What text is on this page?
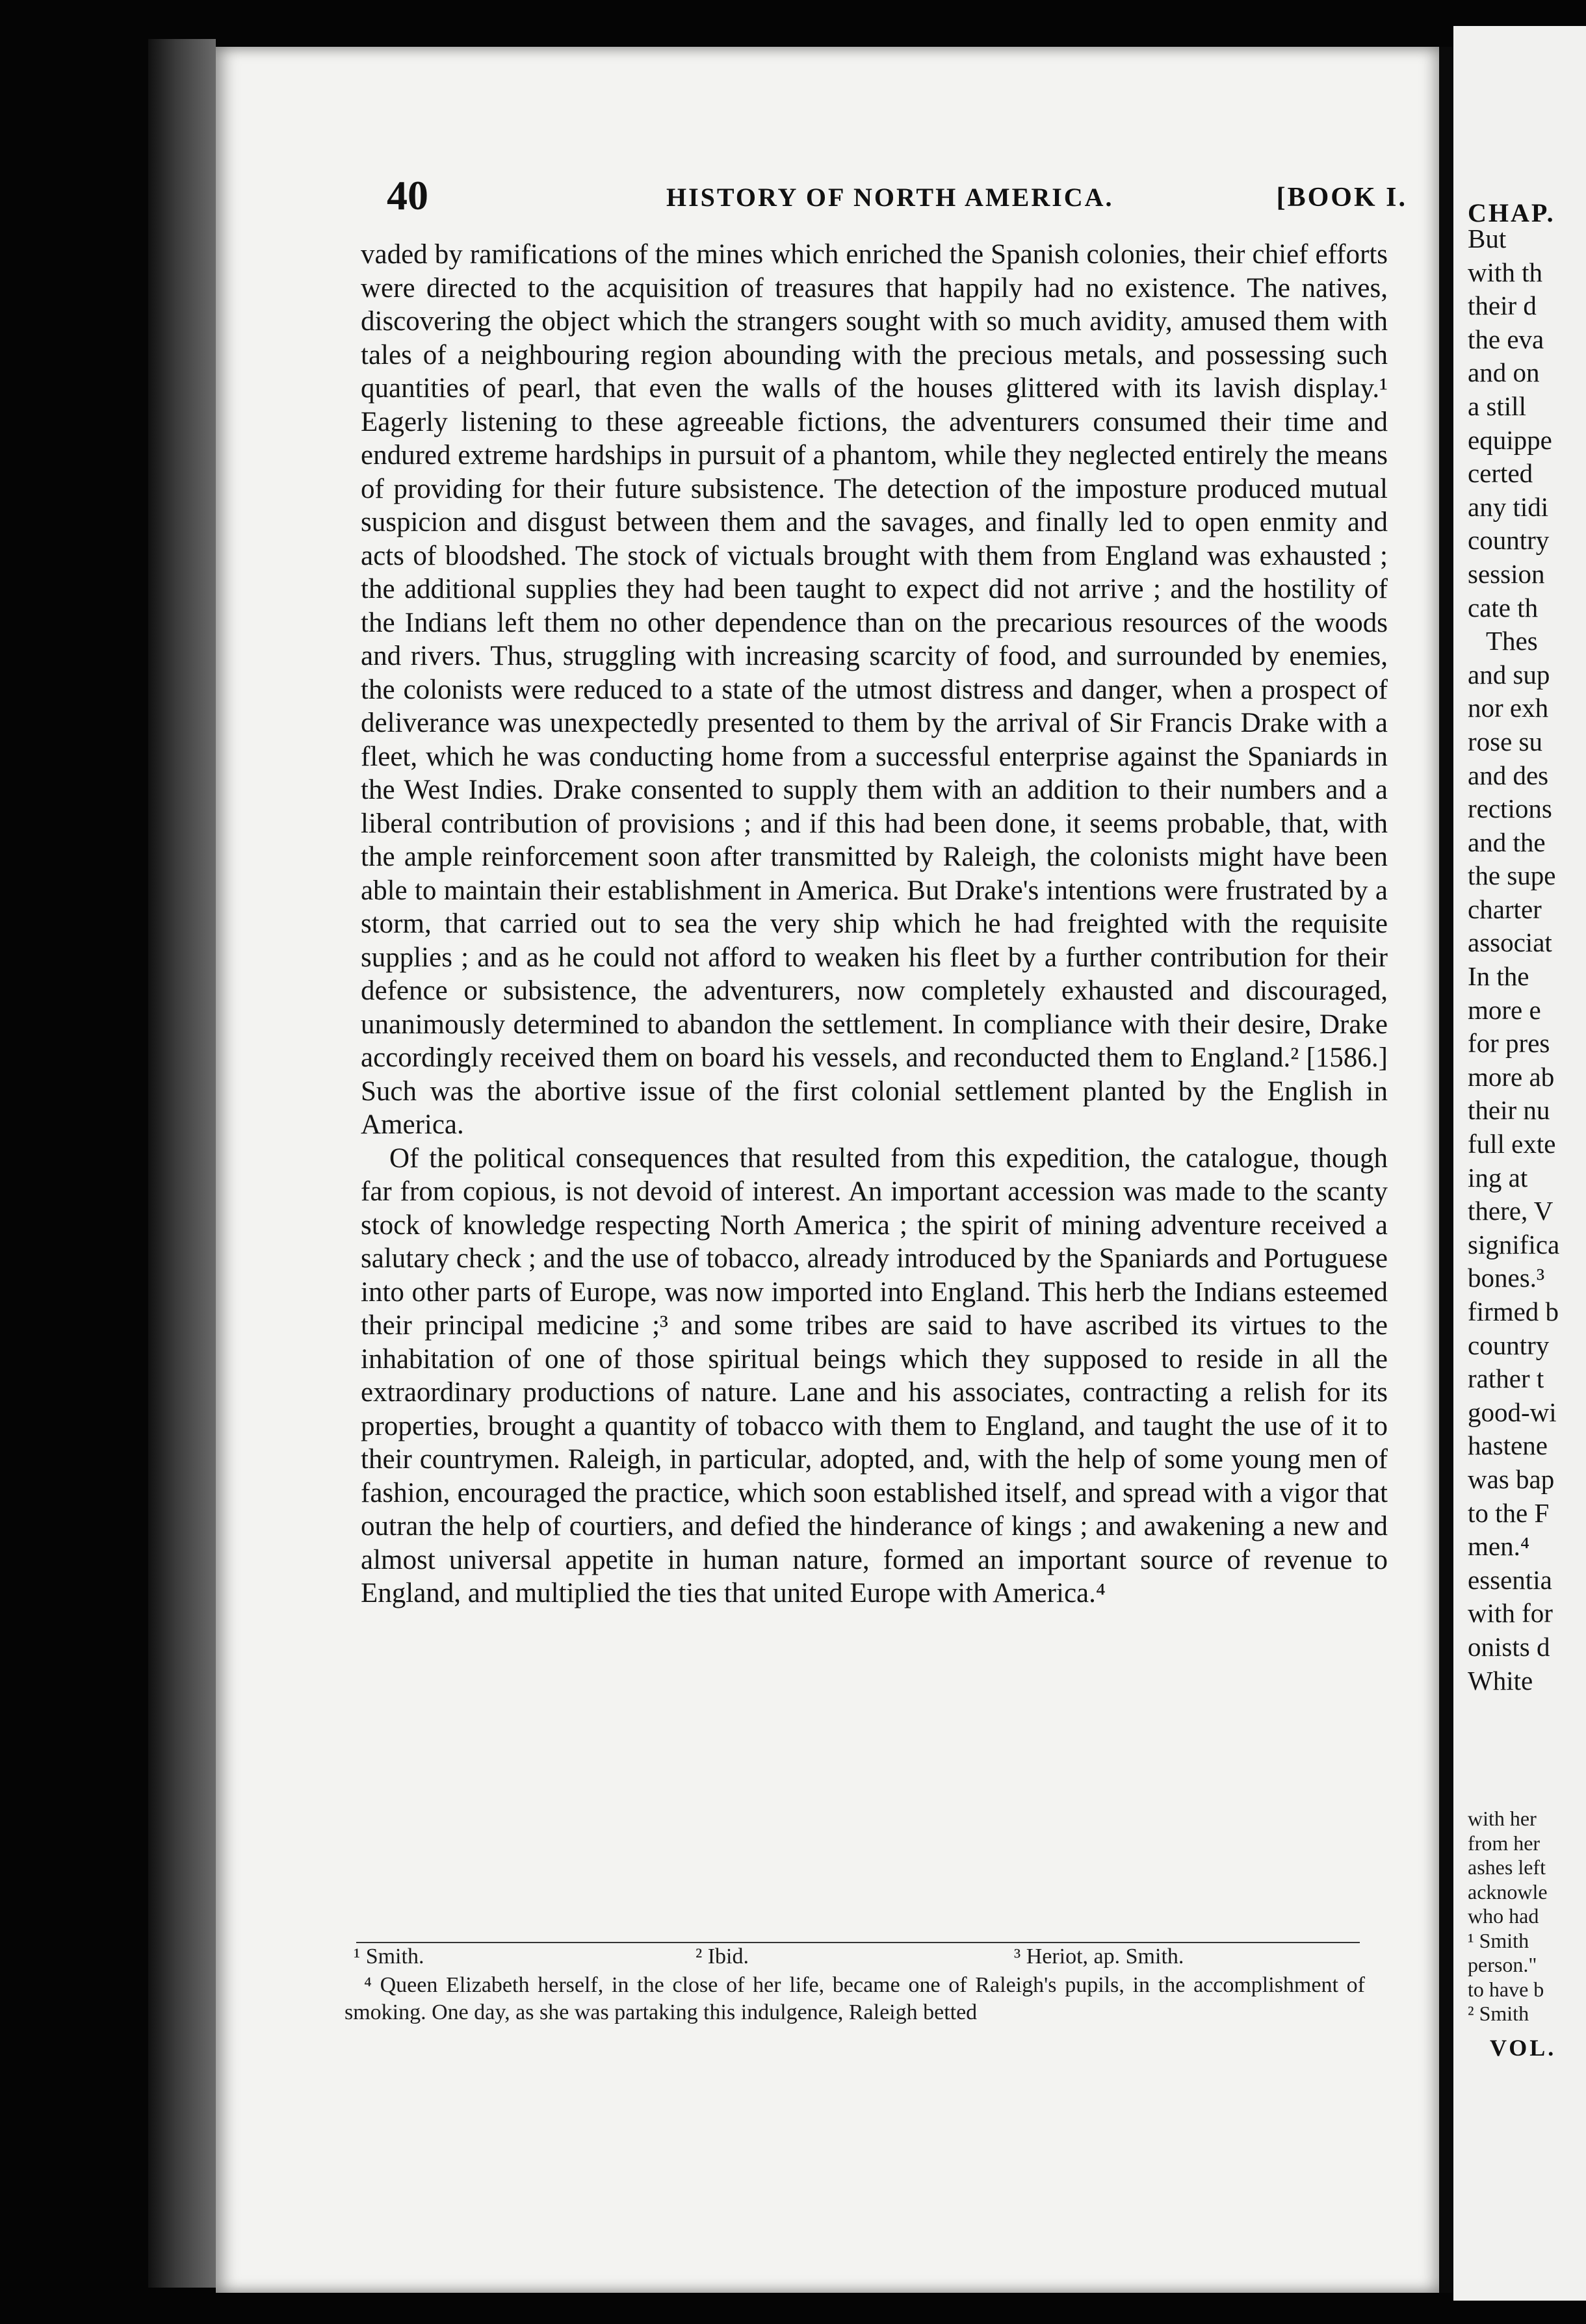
40	HISTORY OF NORTH AMERICA.	[BOOK I.

vaded by ramifications of the mines which enriched the Spanish colonies, their chief efforts were directed to the acquisition of treasures that happily had no existence. The natives, discovering the object which the strangers sought with so much avidity, amused them with tales of a neighbouring region abounding with the precious metals, and possessing such quantities of pearl, that even the walls of the houses glittered with its lavish display.¹ Eagerly listening to these agreeable fictions, the adventurers consumed their time and endured extreme hardships in pursuit of a phantom, while they neglected entirely the means of providing for their future subsistence. The detection of the imposture produced mutual suspicion and disgust between them and the savages, and finally led to open enmity and acts of bloodshed. The stock of victuals brought with them from England was exhausted ; the additional supplies they had been taught to expect did not arrive ; and the hostility of the Indians left them no other dependence than on the precarious resources of the woods and rivers. Thus, struggling with increasing scarcity of food, and surrounded by enemies, the colonists were reduced to a state of the utmost distress and danger, when a prospect of deliverance was unexpectedly presented to them by the arrival of Sir Francis Drake with a fleet, which he was conducting home from a successful enterprise against the Spaniards in the West Indies. Drake consented to supply them with an addition to their numbers and a liberal contribution of provisions ; and if this had been done, it seems probable, that, with the ample reinforcement soon after transmitted by Raleigh, the colonists might have been able to maintain their establishment in America. But Drake's intentions were frustrated by a storm, that carried out to sea the very ship which he had freighted with the requisite supplies ; and as he could not afford to weaken his fleet by a further contribution for their defence or subsistence, the adventurers, now completely exhausted and discouraged, unanimously determined to abandon the settlement. In compliance with their desire, Drake accordingly received them on board his vessels, and reconducted them to England.² [1586.] Such was the abortive issue of the first colonial settlement planted by the English in America.

Of the political consequences that resulted from this expedition, the catalogue, though far from copious, is not devoid of interest. An important accession was made to the scanty stock of knowledge respecting North America ; the spirit of mining adventure received a salutary check ; and the use of tobacco, already introduced by the Spaniards and Portuguese into other parts of Europe, was now imported into England. This herb the Indians esteemed their principal medicine ;³ and some tribes are said to have ascribed its virtues to the inhabitation of one of those spiritual beings which they supposed to reside in all the extraordinary productions of nature. Lane and his associates, contracting a relish for its properties, brought a quantity of tobacco with them to England, and taught the use of it to their countrymen. Raleigh, in particular, adopted, and, with the help of some young men of fashion, encouraged the practice, which soon established itself, and spread with a vigor that outran the help of courtiers, and defied the hinderance of kings ; and awakening a new and almost universal appetite in human nature, formed an important source of revenue to England, and multiplied the ties that united Europe with America.⁴

¹ Smith.	² Ibid.	³ Heriot, ap. Smith.
⁴ Queen Elizabeth herself, in the close of her life, became one of Raleigh's pupils, in the accomplishment of smoking. One day, as she was partaking this indulgence, Raleigh betted
CHAP.
But
with th
their d
the eva
and on
a still
equippe
certed
any tidi
country
session
cate th
Thes
and sup
nor exh
rose su
and des
rections
and the
the supe
charter
associat
In the
more e
for pres
more ab
their nu
full exte
ing at
there, V
significa
bones.³
firmed b
country
rather t
good-wi
hastene
was bap
to the F
men.⁴
essentia
with for
onists d
White
with her
from her
ashes left
acknowle
who had
¹ Smith
person."
to have b
² Smith
VOL.
